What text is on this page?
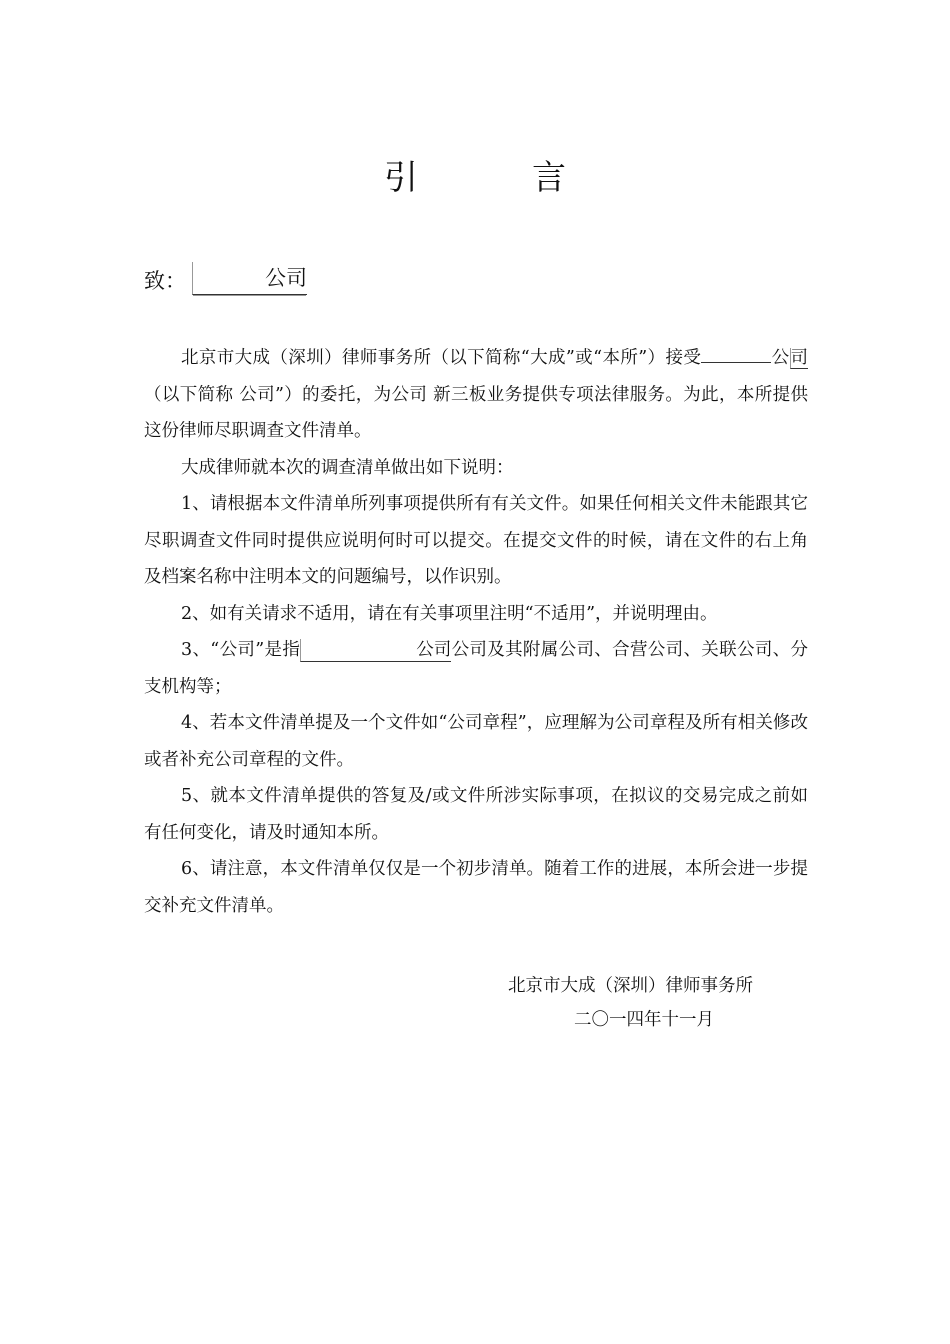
引　言
致：	公司

北京市大成（深圳）律师事务所（以下简称“大成”或“本所”）接受	公司（以下简称 公司”）的委托，为公司 新三板业务提供专项法律服务。为此，本所提供这份律师尽职调查文件清单。

大成律师就本次的调查清单做出如下说明：

1、请根据本文件清单所列事项提供所有有关文件。如果任何相关文件未能跟其它尽职调查文件同时提供应说明何时可以提交。在提交文件的时候，请在文件的右上角及档案名称中注明本文的问题编号，以作识别。

2、如有关请求不适用，请在有关事项里注明“不适用”，并说明理由。

3、“公司”是指	公司公司及其附属公司、合营公司、关联公司、分支机构等；

4、若本文件清单提及一个文件如“公司章程”，应理解为公司章程及所有相关修改或者补充公司章程的文件。

5、就本文件清单提供的答复及/或文件所涉实际事项，在拟议的交易完成之前如有任何变化，请及时通知本所。

6、请注意，本文件清单仅仅是一个初步清单。随着工作的进展，本所会进一步提交补充文件清单。

北京市大成（深圳）律师事务所
二〇一四年十一月
